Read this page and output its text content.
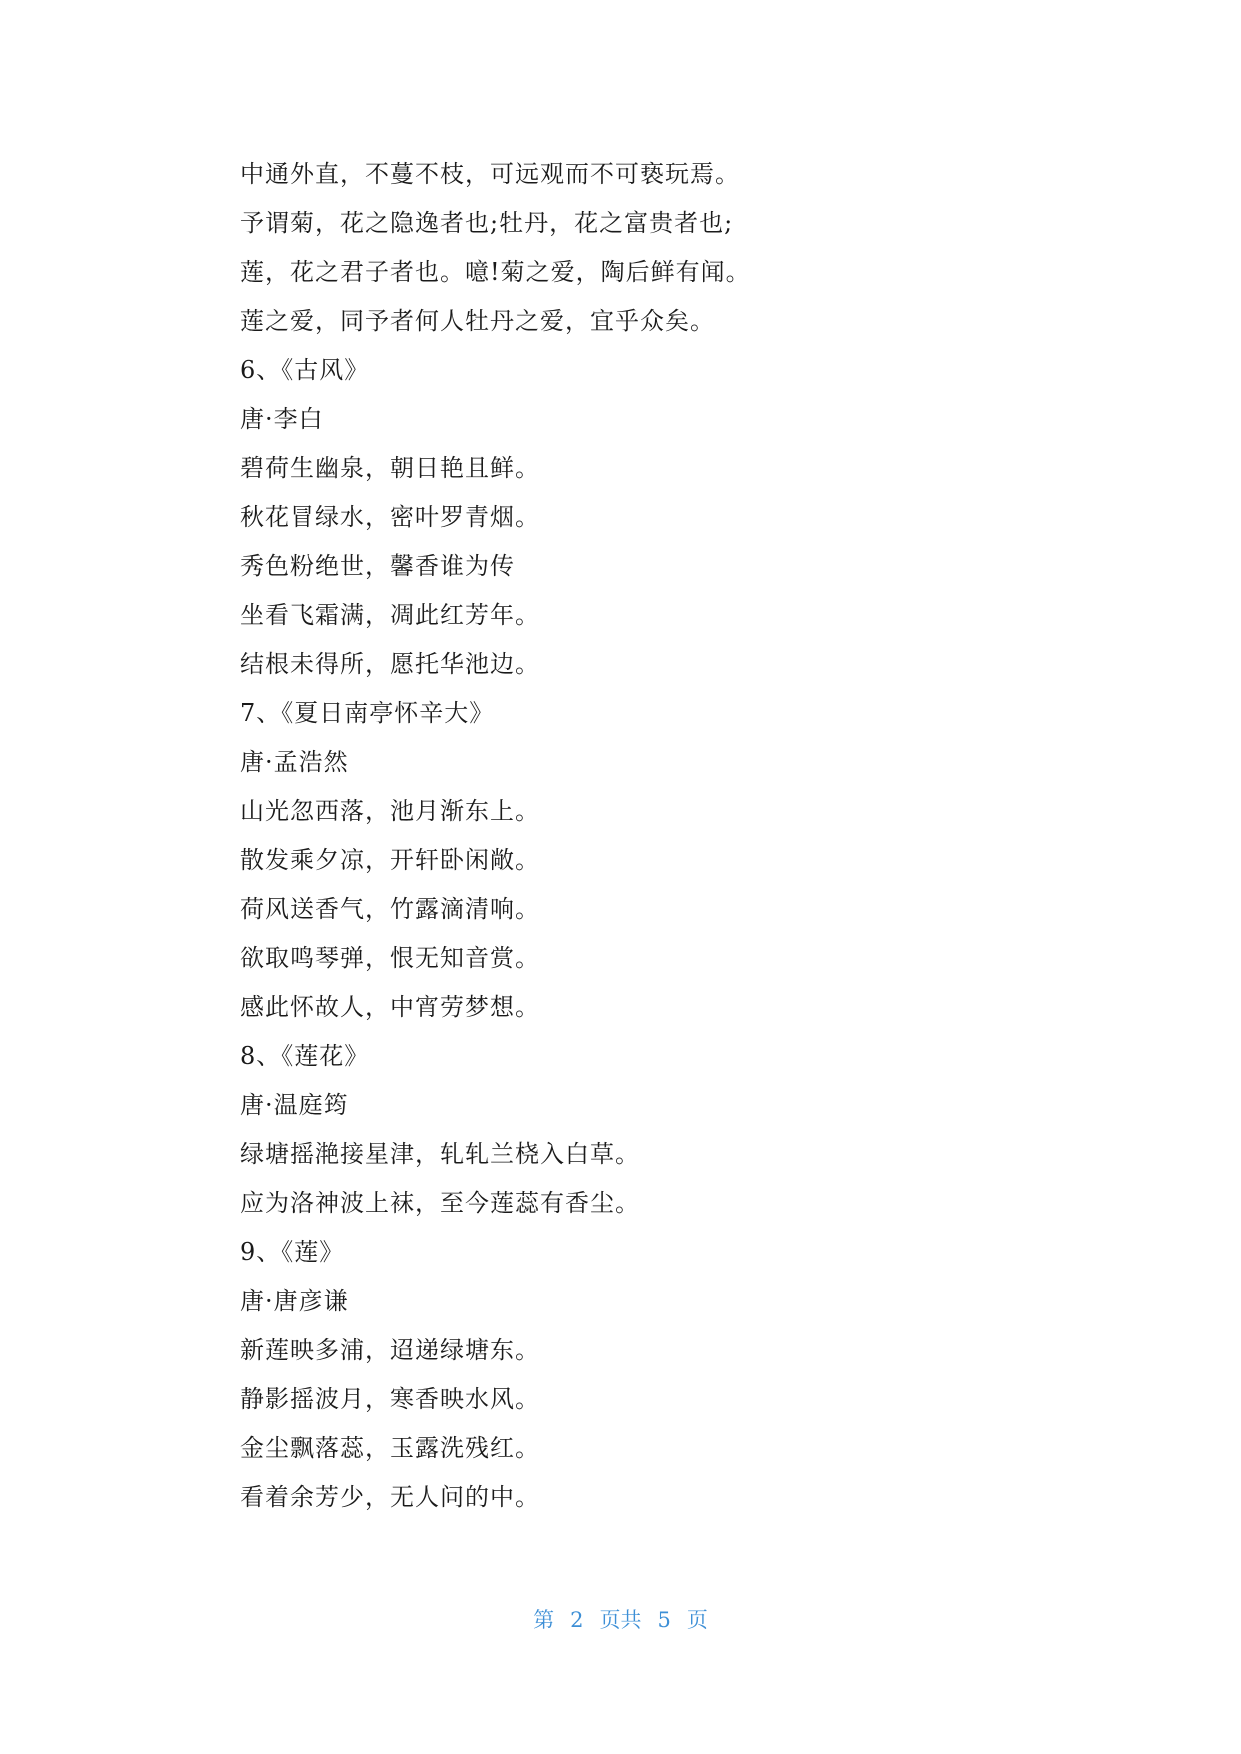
中通外直，不蔓不枝，可远观而不可亵玩焉。
予谓菊，花之隐逸者也;牡丹，花之富贵者也;
莲，花之君子者也。噫!菊之爱，陶后鲜有闻。
莲之爱，同予者何人牡丹之爱，宜乎众矣。
6、《古风》
唐·李白
碧荷生幽泉，朝日艳且鲜。
秋花冒绿水，密叶罗青烟。
秀色粉绝世，馨香谁为传
坐看飞霜满，凋此红芳年。
结根未得所，愿托华池边。
7、《夏日南亭怀辛大》
唐·孟浩然
山光忽西落，池月渐东上。
散发乘夕凉，开轩卧闲敞。
荷风送香气，竹露滴清响。
欲取鸣琴弹，恨无知音赏。
感此怀故人，中宵劳梦想。
8、《莲花》
唐·温庭筠
绿塘摇滟接星津，轧轧兰桡入白草。
应为洛神波上袜，至今莲蕊有香尘。
9、《莲》
唐·唐彦谦
新莲映多浦，迢递绿塘东。
静影摇波月，寒香映水风。
金尘飘落蕊，玉露洗残红。
看着余芳少，无人问的中。
第 2 页共 5 页
